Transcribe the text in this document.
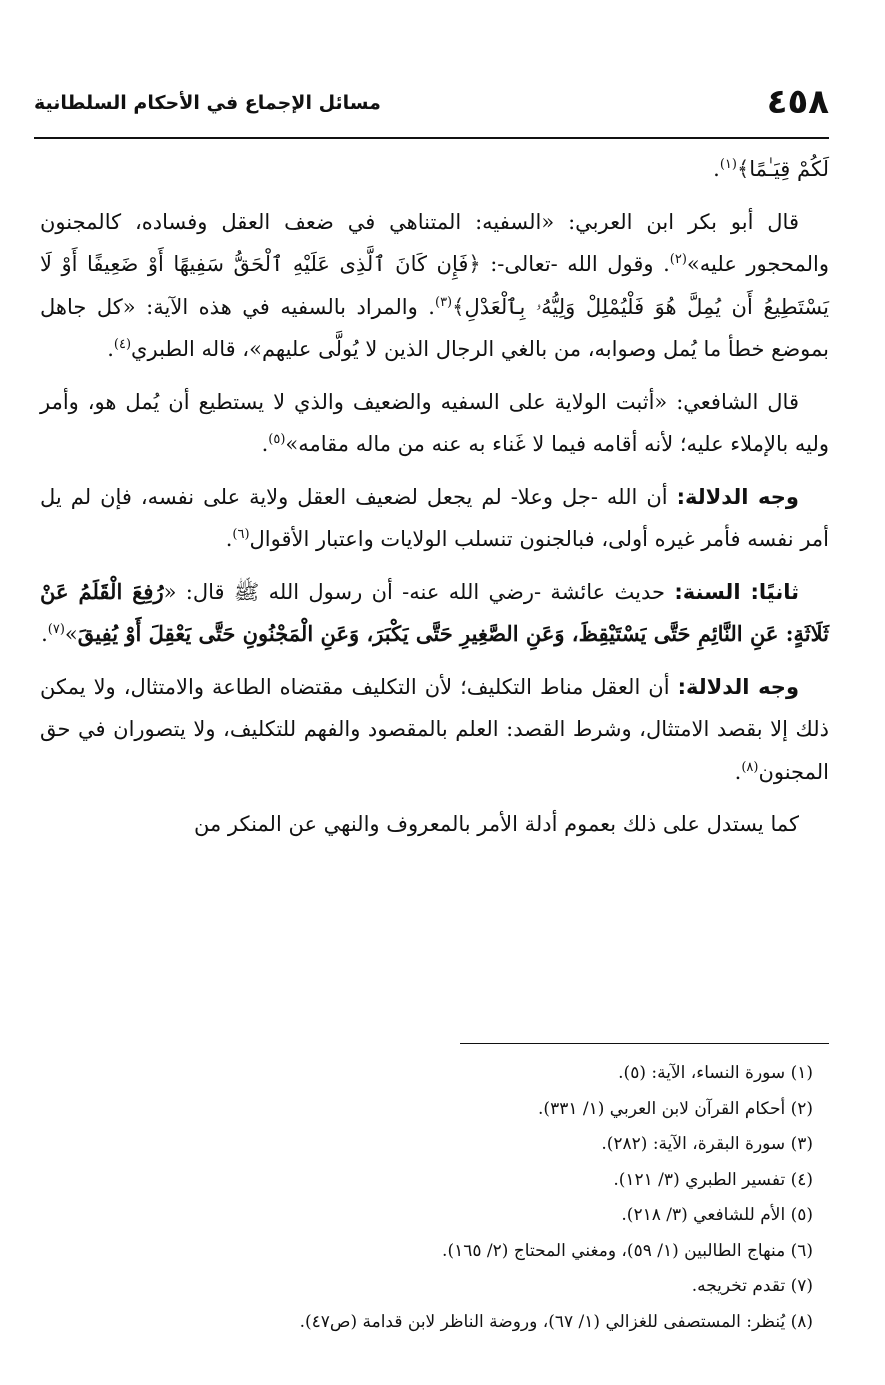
٤٥٨
مسائل الإجماع في الأحكام السلطانية

لَكُمْ قِيَـٰمًا﴾$^{(١)}$.

قال أبو بكر ابن العربي: «السفيه: المتناهي في ضعف العقل وفساده، كالمجنون والمحجور عليه»$^{(٢)}$. وقول الله -تعالى-: ﴿فَإِن كَانَ ٱلَّذِى عَلَيْهِ ٱلْحَقُّ سَفِيهًا أَوْ ضَعِيفًا أَوْ لَا يَسْتَطِيعُ أَن يُمِلَّ هُوَ فَلْيُمْلِلْ وَلِيُّهُۥ بِٱلْعَدْلِ﴾$^{(٣)}$. والمراد بالسفيه في هذه الآية: «كل جاهل بموضع خطأ ما يُمل وصوابه، من بالغي الرجال الذين لا يُولَّى عليهم»، قاله الطبري$^{(٤)}$.

قال الشافعي: «أثبت الولاية على السفيه والضعيف والذي لا يستطيع أن يُمل هو، وأمر وليه بالإملاء عليه؛ لأنه أقامه فيما لا غَناء به عنه من ماله مقامه»$^{(٥)}$.

وجه الدلالة: أن الله -جل وعلا- لم يجعل لضعيف العقل ولاية على نفسه، فإن لم يل أمر نفسه فأمر غيره أولى، فبالجنون تنسلب الولايات واعتبار الأقوال$^{(٦)}$.

ثانيًا: السنة: حديث عائشة -رضي الله عنه- أن رسول الله ﷺ قال: «رُفِعَ الْقَلَمُ عَنْ ثَلَاثَةٍ: عَنِ النَّائِمِ حَتَّى يَسْتَيْقِظَ، وَعَنِ الصَّغِيرِ حَتَّى يَكْبَرَ، وَعَنِ الْمَجْنُونِ حَتَّى يَعْقِلَ أَوْ يُفِيقَ»$^{(٧)}$.

وجه الدلالة: أن العقل مناط التكليف؛ لأن التكليف مقتضاه الطاعة والامتثال، ولا يمكن ذلك إلا بقصد الامتثال، وشرط القصد: العلم بالمقصود والفهم للتكليف، ولا يتصوران في حق المجنون$^{(٨)}$.

كما يستدل على ذلك بعموم أدلة الأمر بالمعروف والنهي عن المنكر من

(١) سورة النساء، الآية: (٥).
(٢) أحكام القرآن لابن العربي (١/ ٣٣١).
(٣) سورة البقرة، الآية: (٢٨٢).
(٤) تفسير الطبري (٣/ ١٢١).
(٥) الأم للشافعي (٣/ ٢١٨).
(٦) منهاج الطالبين (١/ ٥٩)، ومغني المحتاج (٢/ ١٦٥).
(٧) تقدم تخريجه.
(٨) يُنظر: المستصفى للغزالي (١/ ٦٧)، وروضة الناظر لابن قدامة (ص٤٧).
